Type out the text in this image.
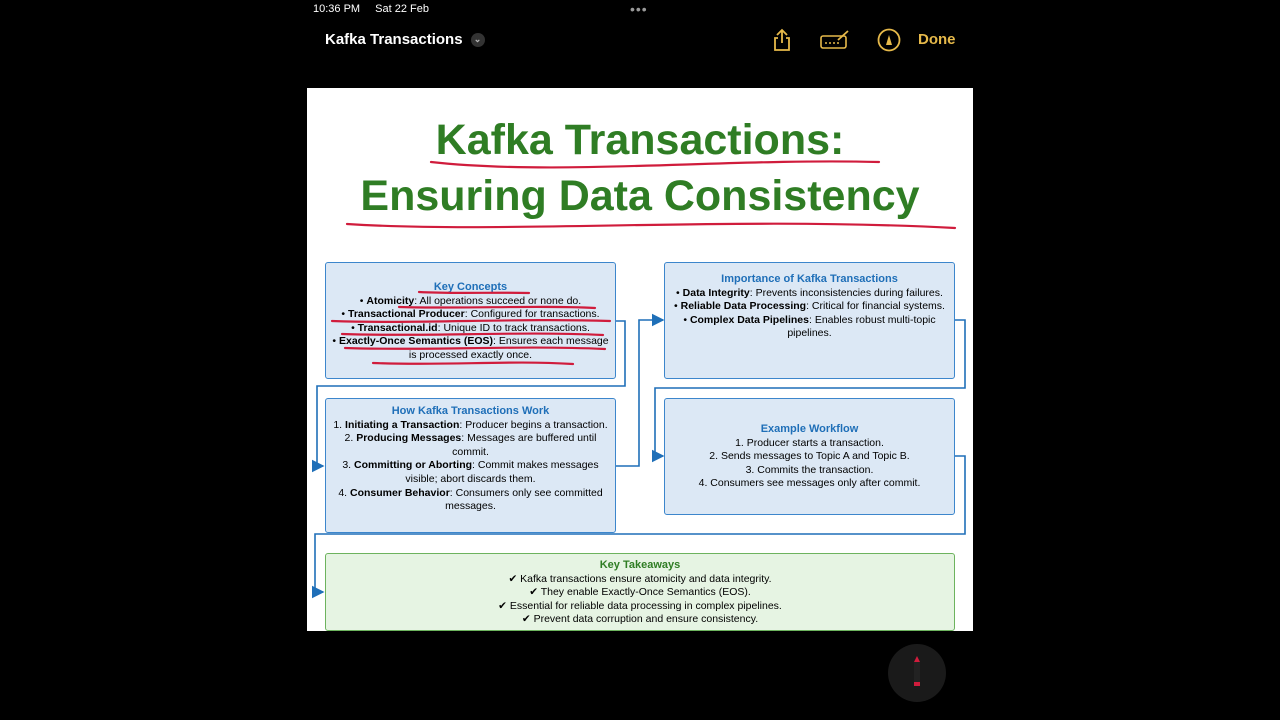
10:36 PM Sat 22 Feb	•••
Kafka Transactions	⌄	Done
Kafka Transactions:
Ensuring Data Consistency
Key Concepts
• Atomicity: All operations succeed or none do.
• Transactional Producer: Configured for transactions.
• Transactional.id: Unique ID to track transactions.
• Exactly-Once Semantics (EOS): Ensures each message is processed exactly once.
Importance of Kafka Transactions
• Data Integrity: Prevents inconsistencies during failures.
• Reliable Data Processing: Critical for financial systems.
• Complex Data Pipelines: Enables robust multi-topic pipelines.
How Kafka Transactions Work
1. Initiating a Transaction: Producer begins a transaction.
2. Producing Messages: Messages are buffered until commit.
3. Committing or Aborting: Commit makes messages visible; abort discards them.
4. Consumer Behavior: Consumers only see committed messages.
Example Workflow
1. Producer starts a transaction.
2. Sends messages to Topic A and Topic B.
3. Commits the transaction.
4. Consumers see messages only after commit.
Key Takeaways
✔ Kafka transactions ensure atomicity and data integrity.
✔ They enable Exactly-Once Semantics (EOS).
✔ Essential for reliable data processing in complex pipelines.
✔ Prevent data corruption and ensure consistency.
